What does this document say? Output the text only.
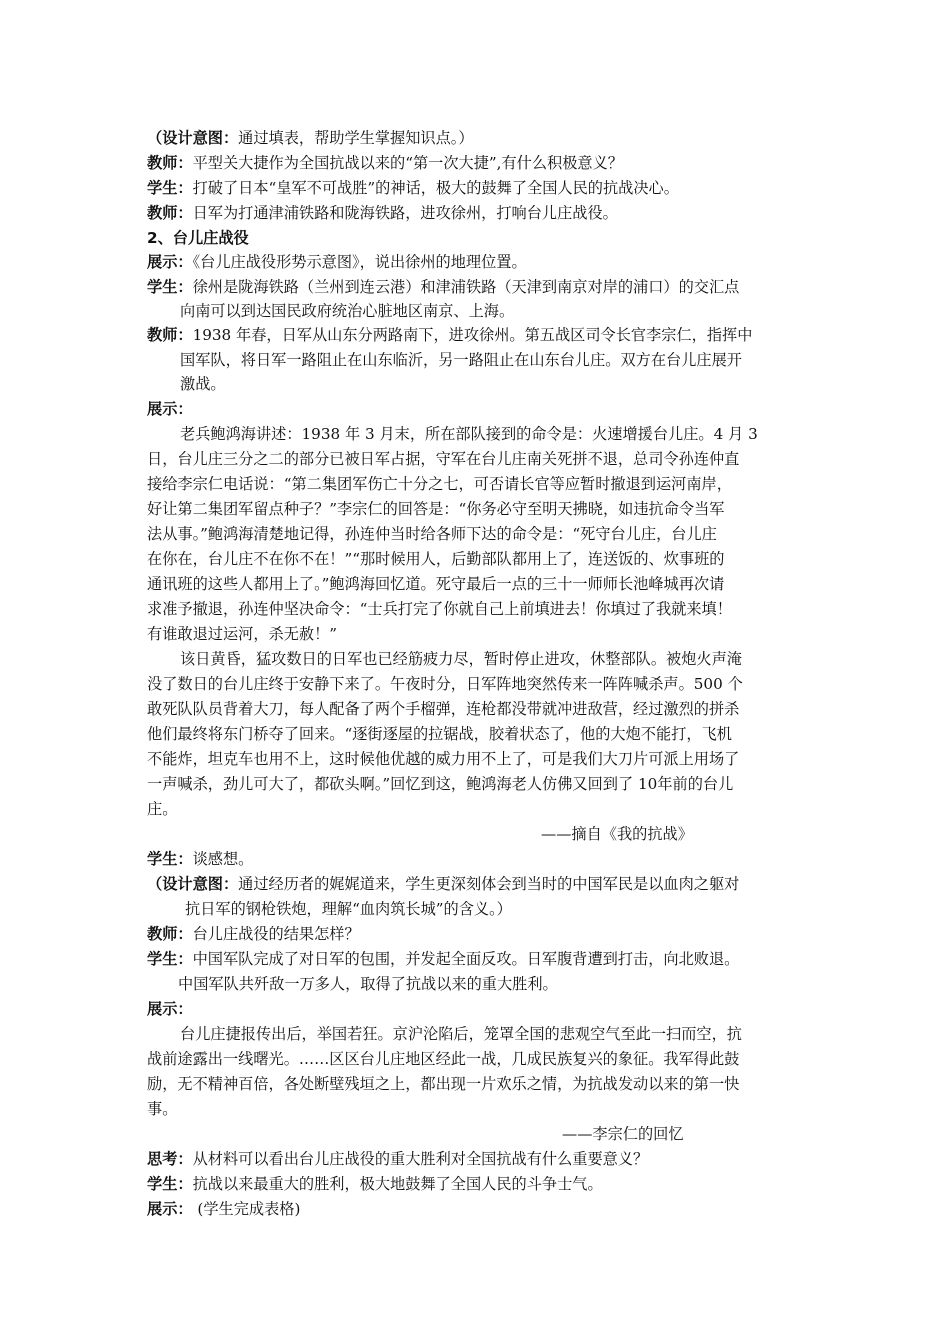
（设计意图：通过填表，帮助学生掌握知识点。）
教师：平型关大捷作为全国抗战以来的“第一次大捷”,有什么积极意义？
学生：打破了日本“皇军不可战胜”的神话，极大的鼓舞了全国人民的抗战决心。
教师：日军为打通津浦铁路和陇海铁路，进攻徐州，打响台儿庄战役。
2、台儿庄战役
展示：《台儿庄战役形势示意图》，说出徐州的地理位置。
学生：徐州是陇海铁路（兰州到连云港）和津浦铁路（天津到南京对岸的浦口）的交汇点
向南可以到达国民政府统治心脏地区南京、上海。
教师：1938 年春，日军从山东分两路南下，进攻徐州。第五战区司令长官李宗仁，指挥中
国军队，将日军一路阻止在山东临沂，另一路阻止在山东台儿庄。双方在台儿庄展开
激战。
展示：
老兵鲍鸿海讲述：1938 年 3 月末，所在部队接到的命令是：火速增援台儿庄。4 月 3
日，台儿庄三分之二的部分已被日军占据，守军在台儿庄南关死拼不退，总司令孙连仲直
接给李宗仁电话说：“第二集团军伤亡十分之七，可否请长官等应暂时撤退到运河南岸，
好让第二集团军留点种子？”李宗仁的回答是：“你务必守至明天拂晓，如违抗命令当军
法从事。”鲍鸿海清楚地记得，孙连仲当时给各师下达的命令是：“死守台儿庄，台儿庄
在你在，台儿庄不在你不在！”“那时候用人，后勤部队都用上了，连送饭的、炊事班的
通讯班的这些人都用上了。”鲍鸿海回忆道。死守最后一点的三十一师师长池峰城再次请
求准予撤退，孙连仲坚决命令：“士兵打完了你就自己上前填进去！你填过了我就来填！
有谁敢退过运河，杀无赦！”
该日黄昏，猛攻数日的日军也已经筋疲力尽，暂时停止进攻，休整部队。被炮火声淹
没了数日的台儿庄终于安静下来了。午夜时分，日军阵地突然传来一阵阵喊杀声。500 个
敢死队队员背着大刀，每人配备了两个手榴弹，连枪都没带就冲进敌营，经过激烈的拼杀
他们最终将东门桥夺了回来。“逐街逐屋的拉锯战，胶着状态了，他的大炮不能打，飞机
不能炸，坦克车也用不上，这时候他优越的威力用不上了，可是我们大刀片可派上用场了
一声喊杀，劲儿可大了，都砍头啊。”回忆到这，鲍鸿海老人仿佛又回到了 10年前的台儿
庄。
——摘自《我的抗战》
学生：谈感想。
（设计意图：通过经历者的娓娓道来，学生更深刻体会到当时的中国军民是以血肉之躯对
抗日军的钢枪铁炮，理解“血肉筑长城”的含义。）
教师：台儿庄战役的结果怎样？
学生：中国军队完成了对日军的包围，并发起全面反攻。日军腹背遭到打击，向北败退。
中国军队共歼敌一万多人，取得了抗战以来的重大胜利。
展示：
台儿庄捷报传出后，举国若狂。京沪沦陷后，笼罩全国的悲观空气至此一扫而空，抗
战前途露出一线曙光。……区区台儿庄地区经此一战，几成民族复兴的象征。我军得此鼓
励，无不精神百倍，各处断壁残垣之上，都出现一片欢乐之情，为抗战发动以来的第一快
事。
——李宗仁的回忆
思考：从材料可以看出台儿庄战役的重大胜利对全国抗战有什么重要意义？
学生：抗战以来最重大的胜利，极大地鼓舞了全国人民的斗争士气。
展示： (学生完成表格)
